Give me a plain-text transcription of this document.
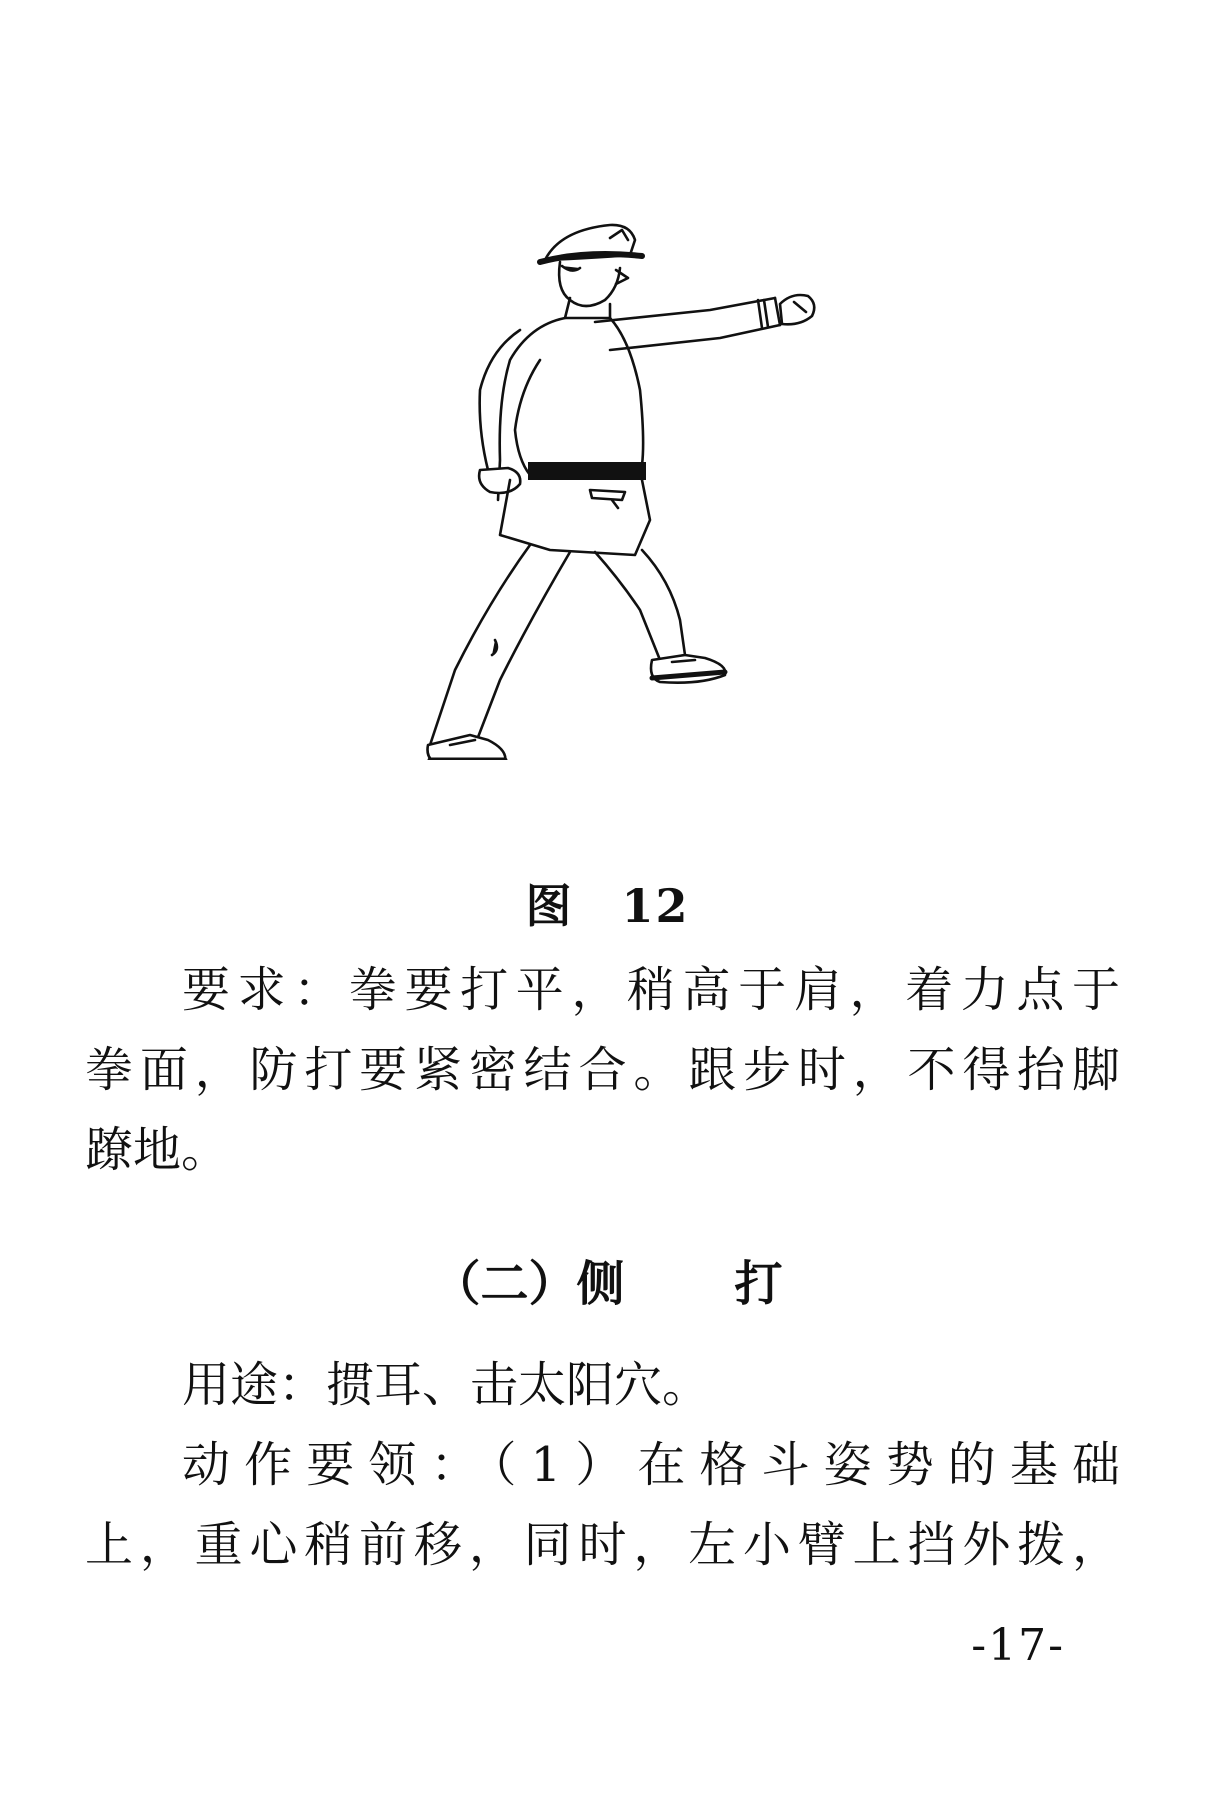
图 12
要求：拳要打平，稍高于肩，着力点于
拳面，防打要紧密结合。跟步时，不得抬脚
蹽地。
（二）侧 打
用途：掼耳、击太阳穴。
动作要领：（1）在格斗姿势的基础
上，重心稍前移，同时，左小臂上挡外拨，
-17-
